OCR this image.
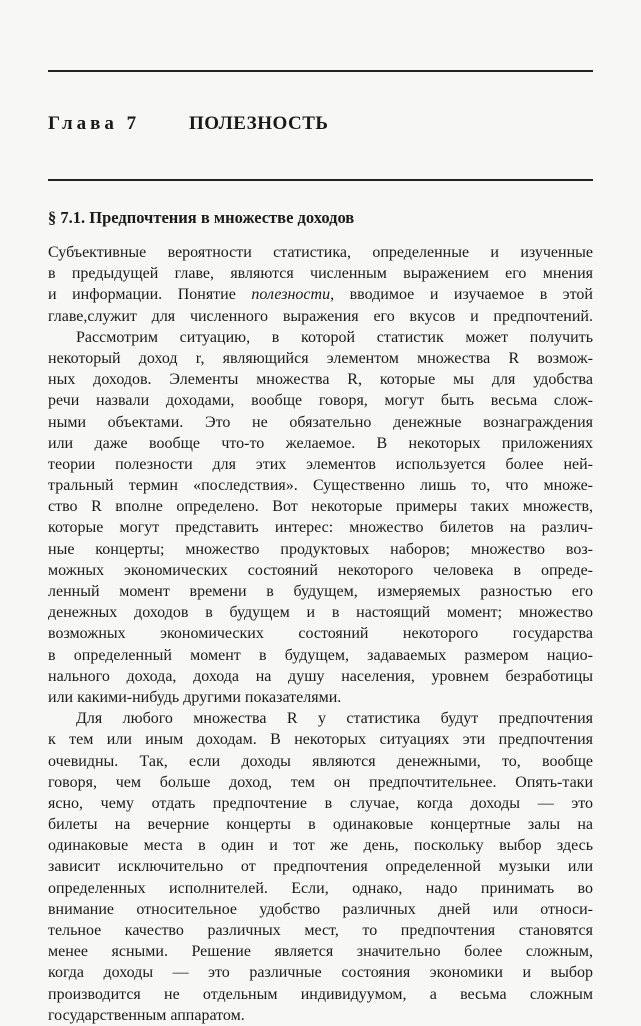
Глава 7	ПОЛЕЗНОСТЬ
§ 7.1. Предпочтения в множестве доходов
Субъективные вероятности статистика, определенные и изученные
в предыдущей главе, являются численным выражением его мнения
и информации. Понятие полезности, вводимое и изучаемое в этой
главе,служит для численного выражения его вкусов и предпочтений.
Рассмотрим ситуацию, в которой статистик может получить
некоторый доход r, являющийся элементом множества R возмож-
ных доходов. Элементы множества R, которые мы для удобства
речи назвали доходами, вообще говоря, могут быть весьма слож-
ными объектами. Это не обязательно денежные вознаграждения
или даже вообще что-то желаемое. В некоторых приложениях
теории полезности для этих элементов используется более ней-
тральный термин «последствия». Существенно лишь то, что множе-
ство R вполне определено. Вот некоторые примеры таких множеств,
которые могут представить интерес: множество билетов на различ-
ные концерты; множество продуктовых наборов; множество воз-
можных экономических состояний некоторого человека в опреде-
ленный момент времени в будущем, измеряемых разностью его
денежных доходов в будущем и в настоящий момент; множество
возможных экономических состояний некоторого государства
в определенный момент в будущем, задаваемых размером нацио-
нального дохода, дохода на душу населения, уровнем безработицы
или какими-нибудь другими показателями.
Для любого множества R у статистика будут предпочтения
к тем или иным доходам. В некоторых ситуациях эти предпочтения
очевидны. Так, если доходы являются денежными, то, вообще
говоря, чем больше доход, тем он предпочтительнее. Опять-таки
ясно, чему отдать предпочтение в случае, когда доходы — это
билеты на вечерние концерты в одинаковые концертные залы на
одинаковые места в один и тот же день, поскольку выбор здесь
зависит исключительно от предпочтения определенной музыки или
определенных исполнителей. Если, однако, надо принимать во
внимание относительное удобство различных дней или относи-
тельное качество различных мест, то предпочтения становятся
менее ясными. Решение является значительно более сложным,
когда доходы — это различные состояния экономики и выбор
производится не отдельным индивидуумом, а весьма сложным
государственным аппаратом.
